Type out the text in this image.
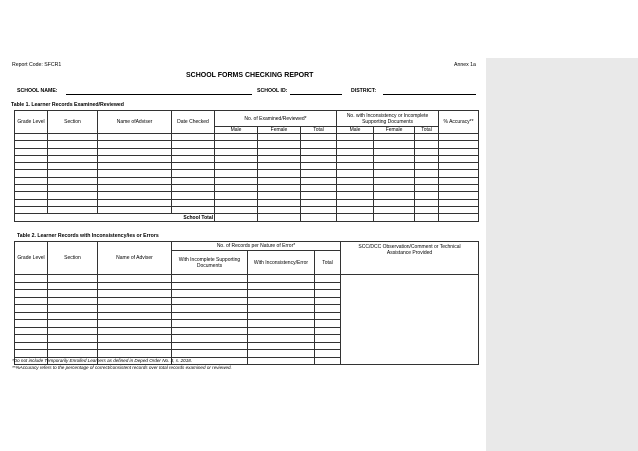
Report Code: SFCR1	Annex 1a
SCHOOL FORMS CHECKING REPORT
SCHOOL NAME:	SCHOOL ID:	DISTRICT:
Table 1. Learner Records Examined/Reviewed
Grade Level	Section	Name ofAdviser	Date Checked	No. of Examined/Reviewed*			No. with Inconsistency or Incomplete Supporting Documents			% Accuracy**
				Male	Female	Total	Male	Female	Total	

School Total										
Table 2. Learner Records with Inconsistency/ies or Errors
Grade Level	Section	Name of Adviser	No. of Records per Nature of Error*			SCC/DCC Observation/Comment or Technical Assistance Provided
			With Incomplete Supporting Documents	With Inconsistency/Error	Total	

*Do not include Temporarily Enrolled Learners as defined in Deped Order No. 3, s. 2018.
**%Accuracy refers to the percentage of correct/consistent records over total records examined or reviewed.
